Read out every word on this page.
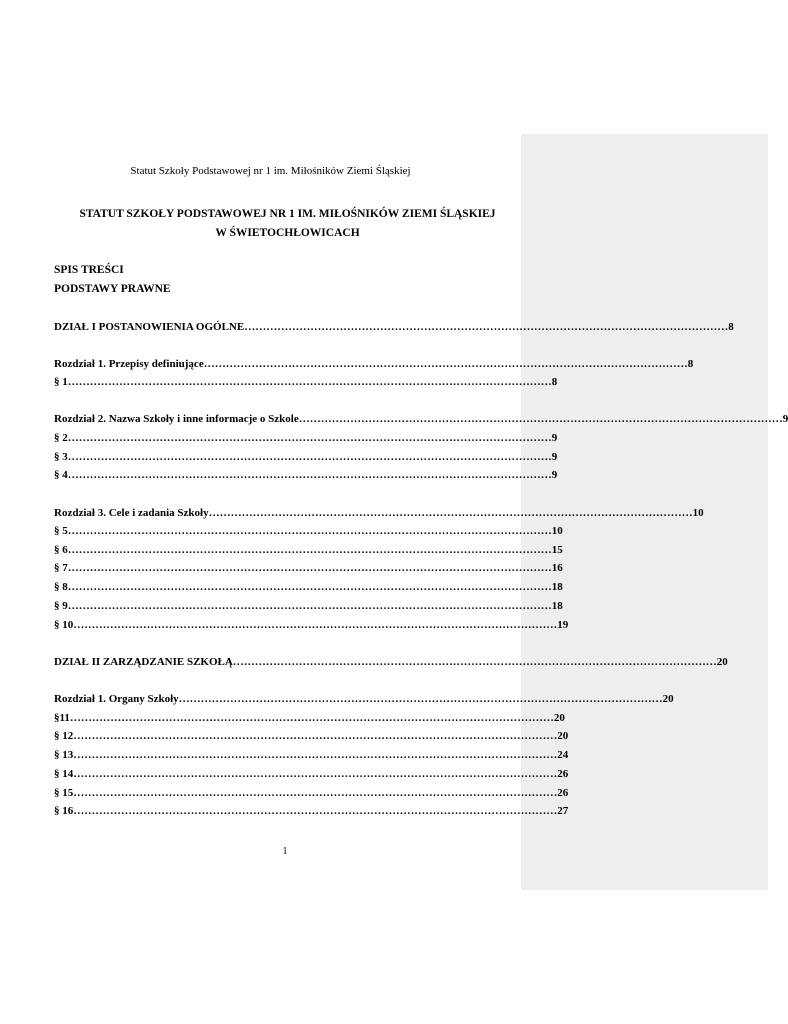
Statut Szkoły Podstawowej nr 1 im. Miłośników Ziemi Śląskiej
STATUT SZKOŁY PODSTAWOWEJ NR 1 IM. MIŁOŚNIKÓW ZIEMI ŚLĄSKIEJ
W ŚWIETOCHŁOWICACH
SPIS TREŚCI
PODSTAWY PRAWNE
DZIAŁ I POSTANOWIENIA OGÓLNE …………………………………………………………………………………………………………………… 8
Rozdział 1. Przepisy definiujące …………………………………………………………………………………………………………………… 8
§ 1 …………………………………………………………………………………………………………………… 8
Rozdział 2. Nazwa Szkoły i inne informacje o Szkole …………………………………………………………………………………………………………………… 9
§ 2 …………………………………………………………………………………………………………………… 9
§ 3 …………………………………………………………………………………………………………………… 9
§ 4 …………………………………………………………………………………………………………………… 9
Rozdział 3. Cele i zadania Szkoły …………………………………………………………………………………………………………………… 10
§ 5 …………………………………………………………………………………………………………………… 10
§ 6 …………………………………………………………………………………………………………………… 15
§ 7 …………………………………………………………………………………………………………………… 16
§ 8 …………………………………………………………………………………………………………………… 18
§ 9 …………………………………………………………………………………………………………………… 18
§ 10 …………………………………………………………………………………………………………………… 19
DZIAŁ II ZARZĄDZANIE SZKOŁĄ …………………………………………………………………………………………………………………… 20
Rozdział 1. Organy Szkoły …………………………………………………………………………………………………………………… 20
§11 …………………………………………………………………………………………………………………… 20
§ 12 …………………………………………………………………………………………………………………… 20
§ 13 …………………………………………………………………………………………………………………… 24
§ 14 …………………………………………………………………………………………………………………… 26
§ 15 …………………………………………………………………………………………………………………… 26
§ 16 …………………………………………………………………………………………………………………… 27
1
